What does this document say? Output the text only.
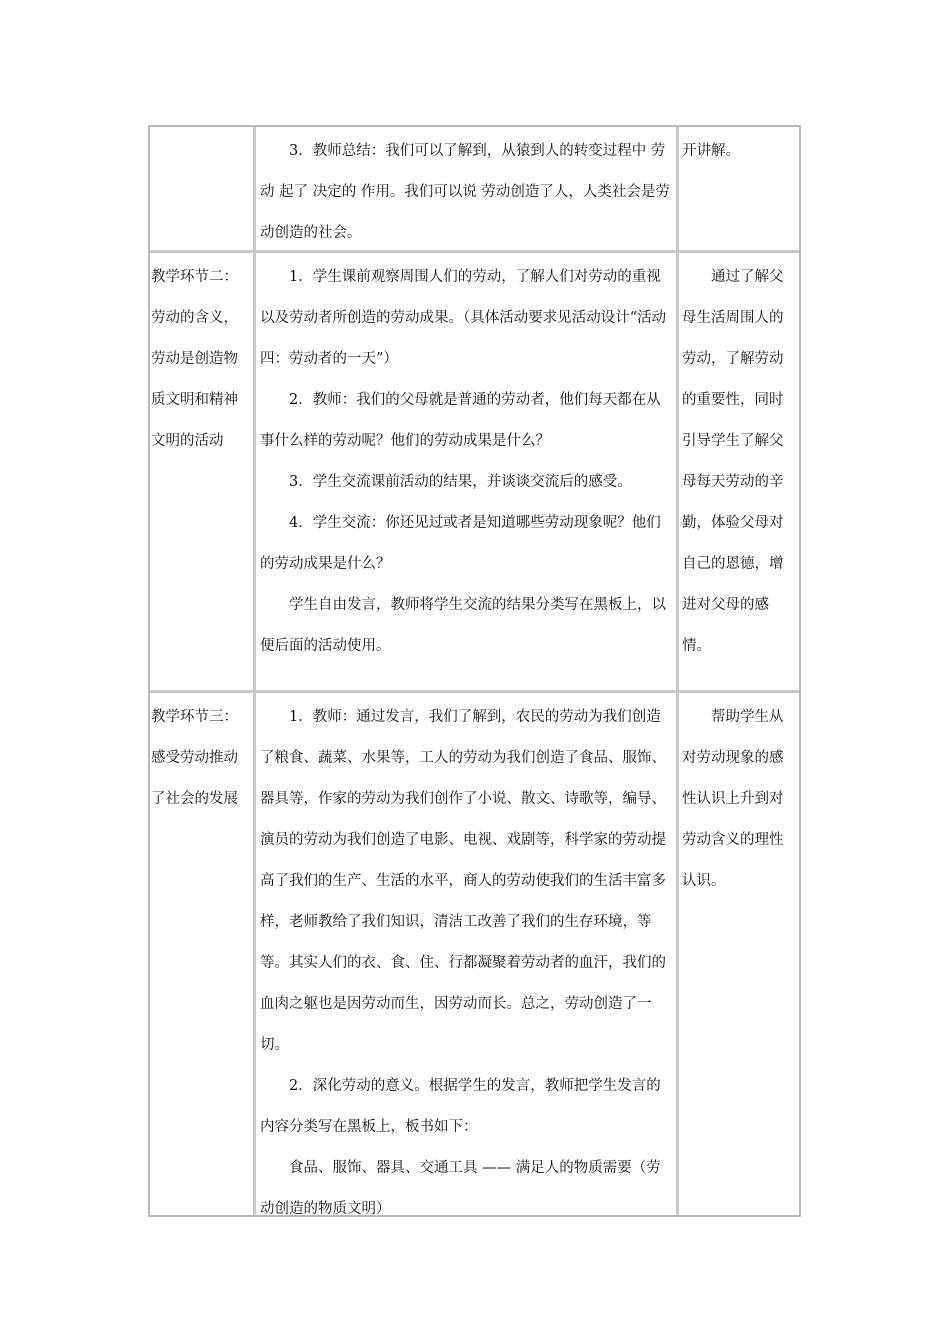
3．教师总结：我们可以了解到，从猿到人的转变过程中 劳动 起了 决定的 作用。我们可以说 劳动创造了人，人类社会是劳动创造的社会。

开讲解。

教学环节二：劳动的含义，劳动是创造物质文明和精神文明的活动

1．学生课前观察周围人们的劳动，了解人们对劳动的重视以及劳动者所创造的劳动成果。（具体活动要求见活动设计“活动四：劳动者的一天”）

2．教师：我们的父母就是普通的劳动者，他们每天都在从事什么样的劳动呢？他们的劳动成果是什么？

3．学生交流课前活动的结果，并谈谈交流后的感受。

4．学生交流：你还见过或者是知道哪些劳动现象呢？他们的劳动成果是什么？

学生自由发言，教师将学生交流的结果分类写在黑板上，以便后面的活动使用。

通过了解父母生活周围人的劳动，了解劳动的重要性，同时引导学生了解父母每天劳动的辛勤，体验父母对自己的恩德，增进对父母的感情。

教学环节三：感受劳动推动了社会的发展

1．教师：通过发言，我们了解到，农民的劳动为我们创造了粮食、蔬菜、水果等，工人的劳动为我们创造了食品、服饰、器具等，作家的劳动为我们创作了小说、散文、诗歌等，编导、演员的劳动为我们创造了电影、电视、戏剧等，科学家的劳动提高了我们的生产、生活的水平，商人的劳动使我们的生活丰富多样，老师教给了我们知识，清洁工改善了我们的生存环境，等等。其实人们的衣、食、住、行都凝聚着劳动者的血汗，我们的血肉之躯也是因劳动而生，因劳动而长。总之，劳动创造了一切。

2．深化劳动的意义。根据学生的发言，教师把学生发言的内容分类写在黑板上，板书如下：

食品、服饰、器具、交通工具 —— 满足人的物质需要（劳动创造的物质文明）

帮助学生从对劳动现象的感性认识上升到对劳动含义的理性认识。
